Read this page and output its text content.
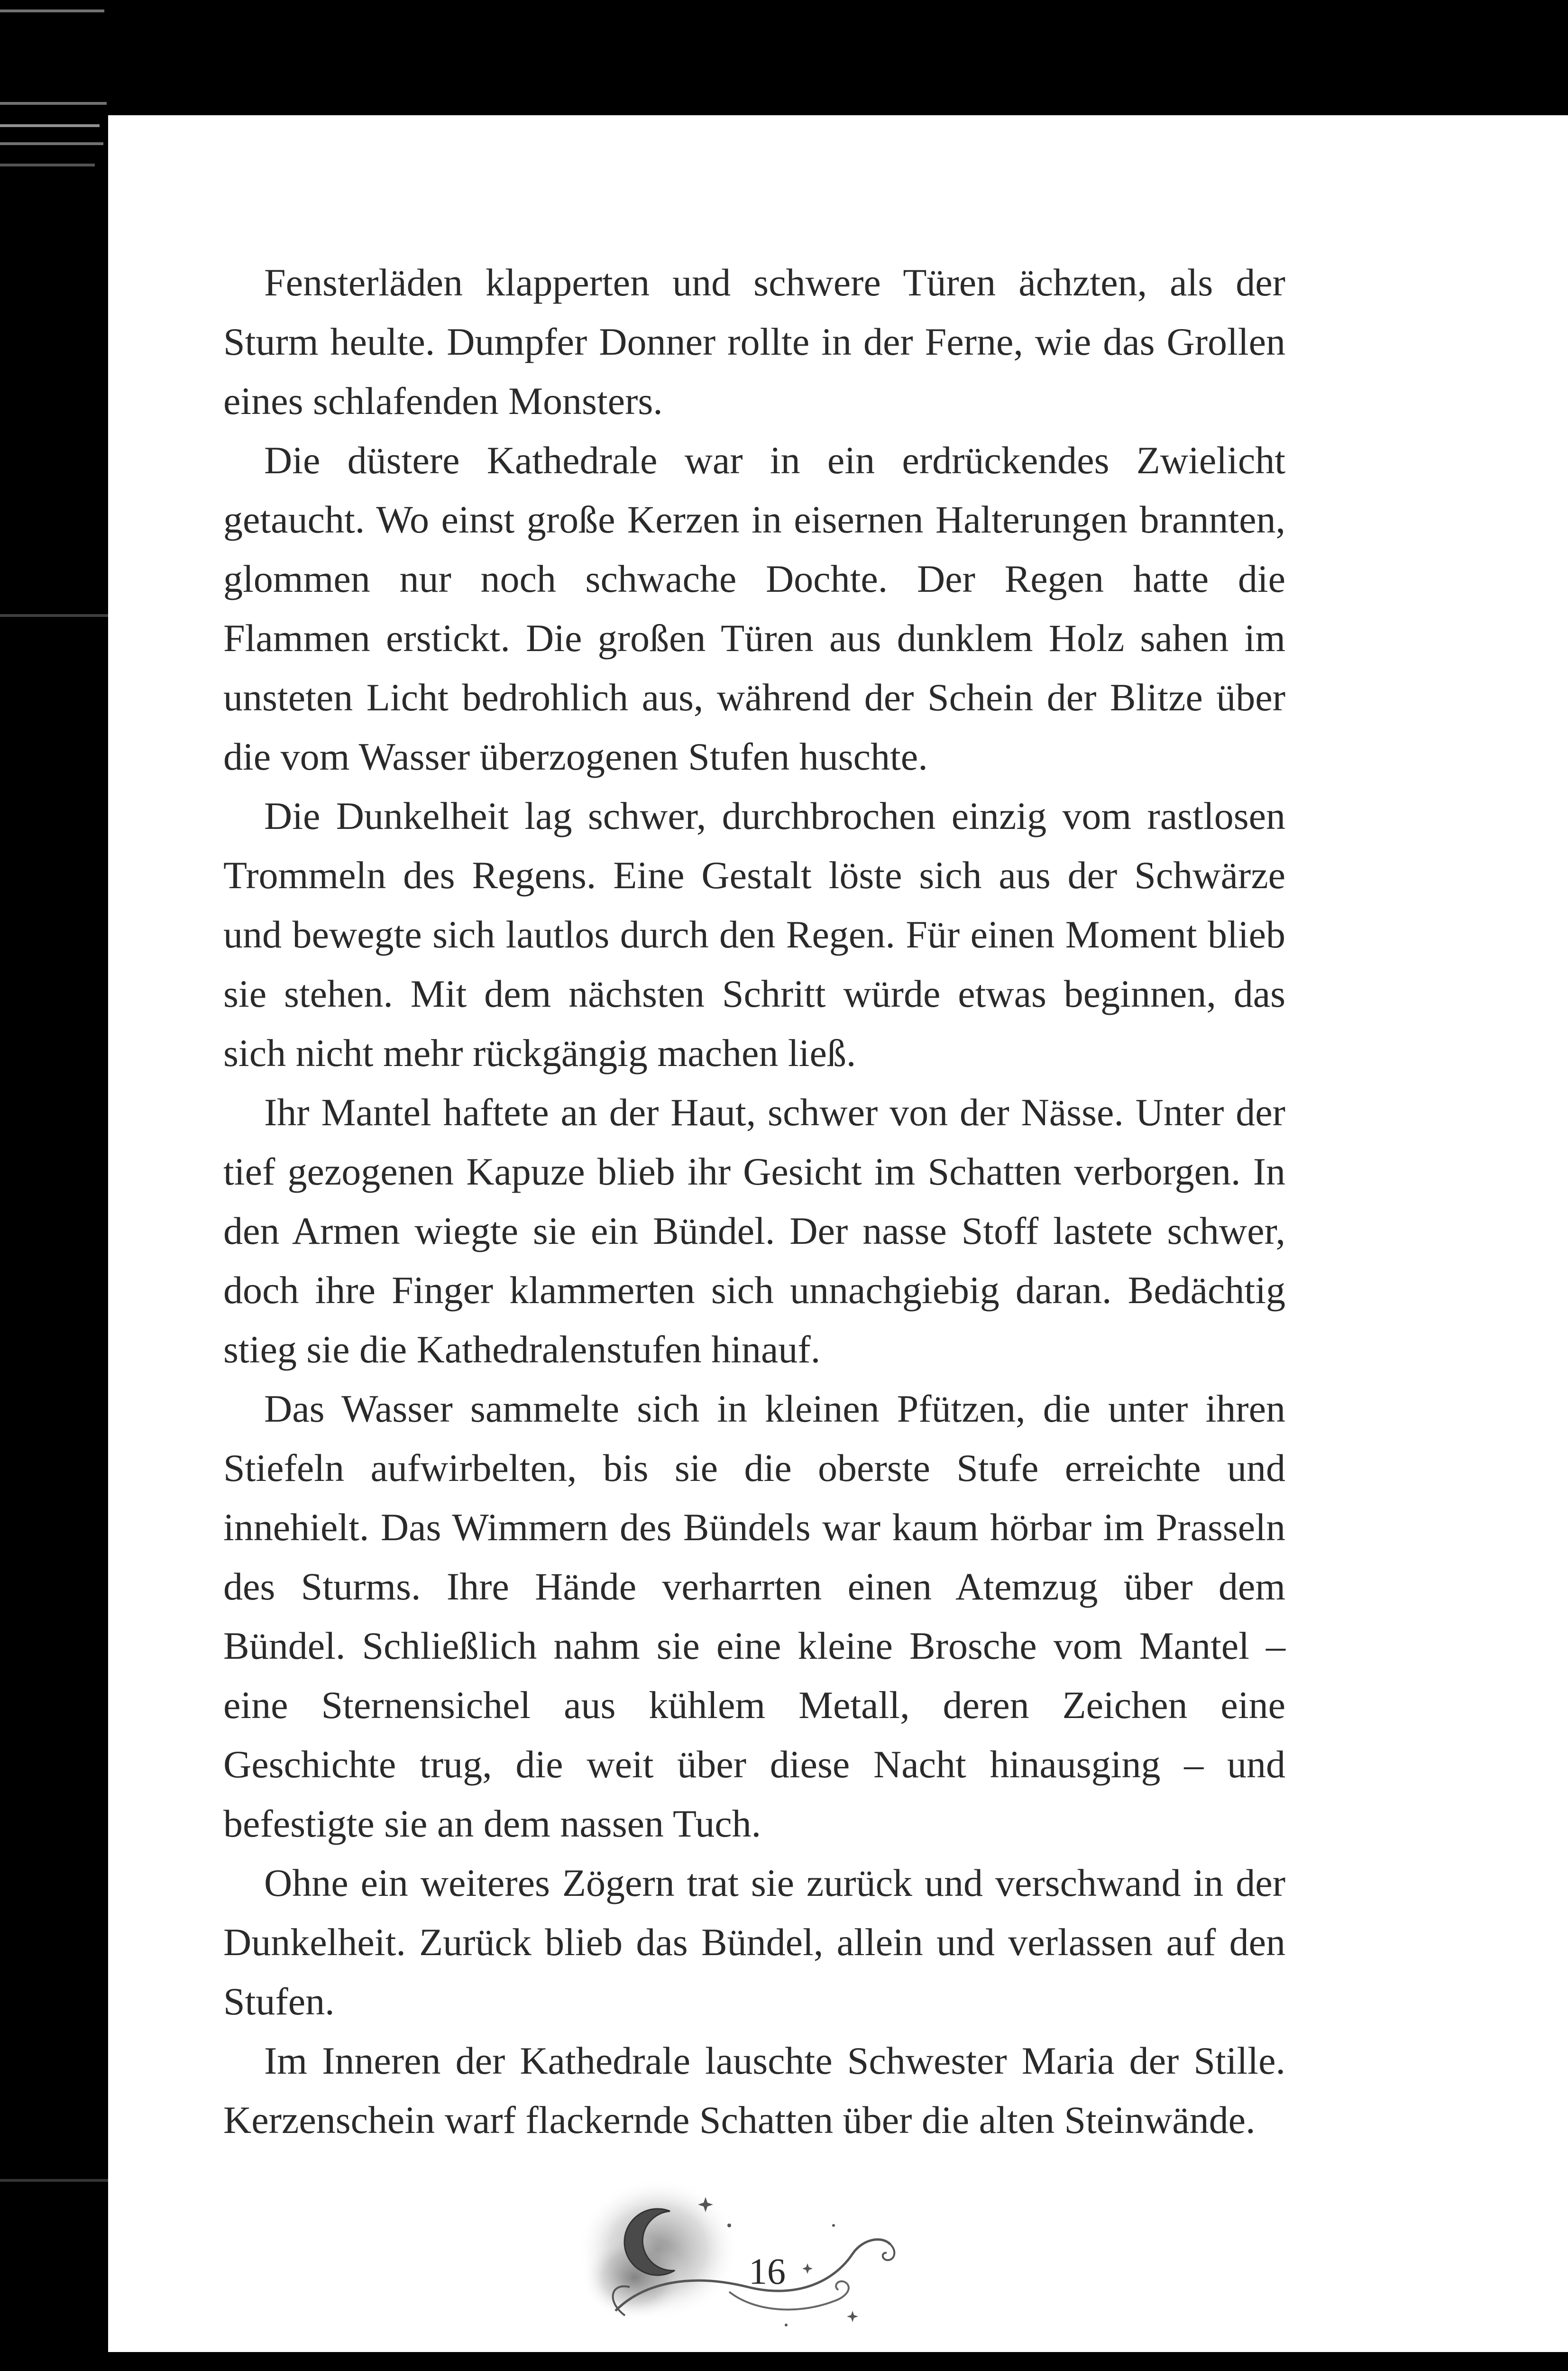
Fensterläden klapperten und schwere Türen ächzten, als der Sturm heulte. Dumpfer Donner rollte in der Ferne, wie das Grollen eines schlafenden Monsters.

Die düstere Kathedrale war in ein erdrückendes Zwielicht getaucht. Wo einst große Kerzen in eisernen Halterungen brannten, glommen nur noch schwache Dochte. Der Regen hatte die Flammen erstickt. Die großen Türen aus dunklem Holz sahen im unsteten Licht bedrohlich aus, während der Schein der Blitze über die vom Wasser überzogenen Stufen huschte.

Die Dunkelheit lag schwer, durchbrochen einzig vom rastlosen Trommeln des Regens. Eine Gestalt löste sich aus der Schwärze und bewegte sich lautlos durch den Regen. Für einen Moment blieb sie stehen. Mit dem nächsten Schritt würde etwas beginnen, das sich nicht mehr rückgängig machen ließ.

Ihr Mantel haftete an der Haut, schwer von der Nässe. Unter der tief gezogenen Kapuze blieb ihr Gesicht im Schatten verborgen. In den Armen wiegte sie ein Bündel. Der nasse Stoff lastete schwer, doch ihre Finger klammerten sich unnachgiebig daran. Bedächtig stieg sie die Kathedralenstufen hinauf.

Das Wasser sammelte sich in kleinen Pfützen, die unter ihren Stiefeln aufwirbelten, bis sie die oberste Stufe erreichte und innehielt. Das Wimmern des Bündels war kaum hörbar im Prasseln des Sturms. Ihre Hände verharrten einen Atemzug über dem Bündel. Schließlich nahm sie eine kleine Brosche vom Mantel – eine Sternensichel aus kühlem Metall, deren Zeichen eine Geschichte trug, die weit über diese Nacht hinausging – und befestigte sie an dem nassen Tuch.

Ohne ein weiteres Zögern trat sie zurück und verschwand in der Dunkelheit. Zurück blieb das Bündel, allein und verlassen auf den Stufen.

Im Inneren der Kathedrale lauschte Schwester Maria der Stille. Kerzenschein warf flackernde Schatten über die alten Steinwände.

16
